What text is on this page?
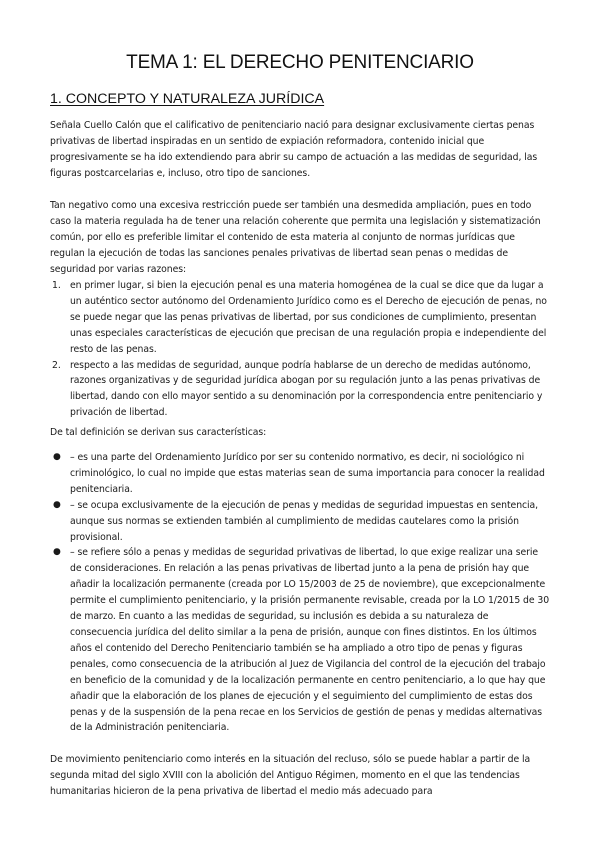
TEMA 1: EL DERECHO PENITENCIARIO
1. CONCEPTO Y NATURALEZA JURÍDICA

Señala Cuello Calón que el calificativo de penitenciario nació para designar exclusivamente ciertas penas privativas de libertad inspiradas en un sentido de expiación reformadora, contenido inicial que progresivamente se ha ido extendiendo para abrir su campo de actuación a las medidas de seguridad, las figuras postcarcelarias e, incluso, otro tipo de sanciones.

Tan negativo como una excesiva restricción puede ser también una desmedida ampliación, pues en todo caso la materia regulada ha de tener una relación coherente que permita una legislación y sistematización común, por ello es preferible limitar el contenido de esta materia al conjunto de normas jurídicas que regulan la ejecución de todas las sanciones penales privativas de libertad sean penas o medidas de seguridad por varias razones:

1. en primer lugar, si bien la ejecución penal es una materia homogénea de la cual se dice que da lugar a un auténtico sector autónomo del Ordenamiento Jurídico como es el Derecho de ejecución de penas, no se puede negar que las penas privativas de libertad, por sus condiciones de cumplimiento, presentan unas especiales características de ejecución que precisan de una regulación propia e independiente del resto de las penas.
2. respecto a las medidas de seguridad, aunque podría hablarse de un derecho de medidas autónomo, razones organizativas y de seguridad jurídica abogan por su regulación junto a las penas privativas de libertad, dando con ello mayor sentido a su denominación por la correspondencia entre penitenciario y privación de libertad.

De tal definición se derivan sus características:

● – es una parte del Ordenamiento Jurídico por ser su contenido normativo, es decir, ni sociológico ni criminológico, lo cual no impide que estas materias sean de suma importancia para conocer la realidad penitenciaria.
● – se ocupa exclusivamente de la ejecución de penas y medidas de seguridad impuestas en sentencia, aunque sus normas se extienden también al cumplimiento de medidas cautelares como la prisión provisional.
● – se refiere sólo a penas y medidas de seguridad privativas de libertad, lo que exige realizar una serie de consideraciones. En relación a las penas privativas de libertad junto a la pena de prisión hay que añadir la localización permanente (creada por LO 15/2003 de 25 de noviembre), que excepcionalmente permite el cumplimiento penitenciario, y la prisión permanente revisable, creada por la LO 1/2015 de 30 de marzo. En cuanto a las medidas de seguridad, su inclusión es debida a su naturaleza de consecuencia jurídica del delito similar a la pena de prisión, aunque con fines distintos. En los últimos años el contenido del Derecho Penitenciario también se ha ampliado a otro tipo de penas y figuras penales, como consecuencia de la atribución al Juez de Vigilancia del control de la ejecución del trabajo en beneficio de la comunidad y de la localización permanente en centro penitenciario, a lo que hay que añadir que la elaboración de los planes de ejecución y el seguimiento del cumplimiento de estas dos penas y de la suspensión de la pena recae en los Servicios de gestión de penas y medidas alternativas de la Administración penitenciaria.

De movimiento penitenciario como interés en la situación del recluso, sólo se puede hablar a partir de la segunda mitad del siglo XVIII con la abolición del Antiguo Régimen, momento en el que las tendencias humanitarias hicieron de la pena privativa de libertad el medio más adecuado para
